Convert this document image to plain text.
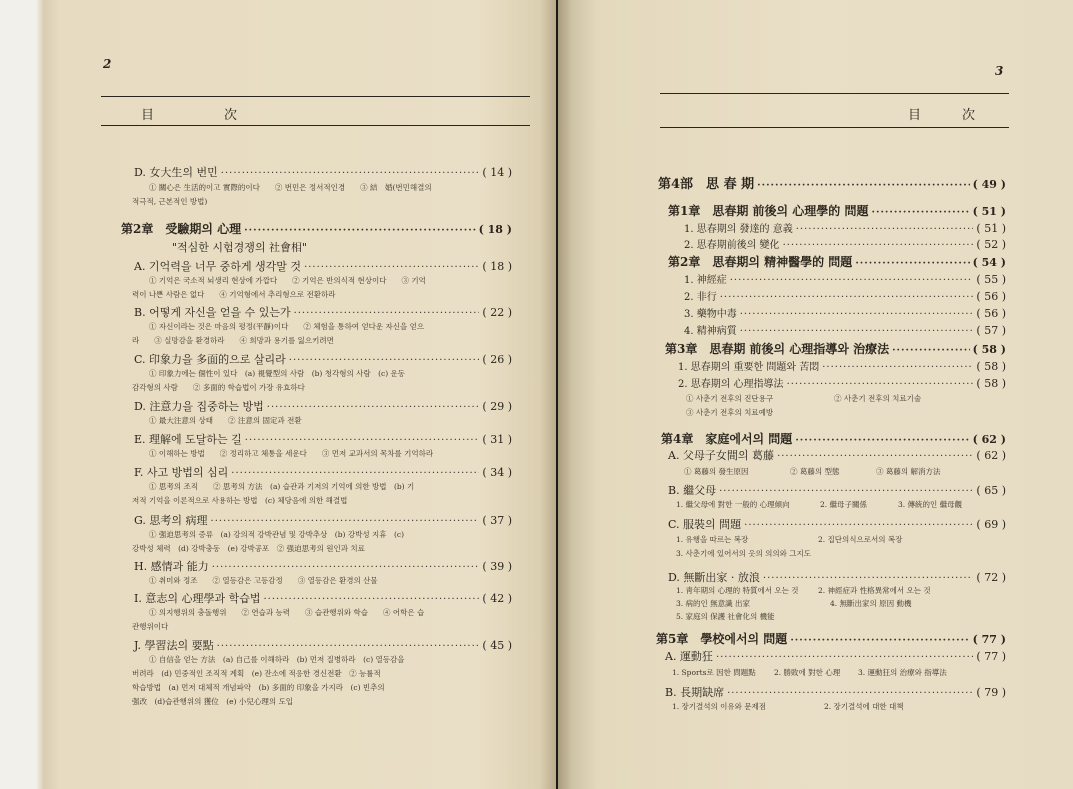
2
目	次
D. 女大生의 번민 ·····	( 14 )
① 關心은 生活的이고 實際的이다　　② 번민은 정서적인경　　③ 結　婚(번민해결의
적극적, 근본적인 방법)
第2章　受驗期의 心理 ·····	( 18 )
"적심한 시험경쟁의 社會相"
A. 기억력을 너무 중하게 생각말 것 ·····	( 18 )
① 기억은 국소적 뇌생리 현상에 가깝다　　② 기억은 반의식적 현상이다　　③ 기억
력이 나쁜 사람은 없다　　④ 기억형에서 추리형으로 전환하라
B. 어떻게 자신을 얻을 수 있는가 ·····	( 22 )
① 자신이라는 것은 마음의 평정(平靜)이다　　② 체험을 통하여 얻다운 자신을 얻으
라　　③ 실망감을 환경하라　　④ 희망과 용기를 잃으키려면
C. 印象力을 多面的으로 살리라 ·····	( 26 )
① 印象力에는 個性이 있다　(a) 視覺型의 사람　(b) 청각형의 사람　(c) 운동
감각형의 사람　　② 多面的 학습법이 가장 유효하다
D. 注意力을 집중하는 방법 ·····	( 29 )
① 最大注意의 상태　　② 注意의 固定과 전환
E. 理解에 도달하는 길 ·····	( 31 )
① 이해하는 방법　　② 정리하고 체통을 세운다　　③ 먼저 교과서의 목차를 기억하라
F. 사고 방법의 심리 ·····	( 34 )
① 思考의 조직　　② 思考의 方法　(a) 습관과 기저의 기억에 의한 방법　(b) 기
저적 기억을 이론적으로 사용하는 방법　(c) 체당음에 의한 해결법
G. 思考의 病理 ·····	( 37 )
① 强迫思考의 증류　(a) 강의적 강박관념 및 강박추상　(b) 강박성 지휴　(c)
강박성 체력　(d) 강박충동　(e) 강박공포　② 强迫思考의 원인과 치료
H. 感情과 能力 ·····	( 39 )
① 취미와 정조　　② 열등감은 고등감정　　③ 열등감은 환경의 산물
I. 意志의 心理學과 학습법 ·····	( 42 )
① 의지행위의 충돌행위　　② 연습과 능력　　③ 습관행위와 학습　　④ 어학은 습
관행위이다
J. 學習法의 要點 ·····	( 45 )
① 自信을 얻는 方法　(a) 自己를 이해하라　(b) 먼저 질병하라　(c) 열등감을
버려라　(d) 민중적인 조직적 계획　(e) 잔소에 적응한 경신전환　② 능률적
학습방법　(a) 먼저 대체적 개념파악　(b) 多面的 印象을 가지라　(c) 빈추의
强改　(d)습관행위의 獲位　(e) 小兒心理의 도입
3
目	次
第4部　思 春 期 ·····	( 49 )
第1章　思春期 前後의 心理學的 問題 ·····	( 51 )
1. 思春期의 發達的 意義 ·····	( 51 )
2. 思春期前後의 變化 ·····	( 52 )
第2章　思春期의 精神醫學的 問題 ·····	( 54 )
1. 神經症 ·····	( 55 )
2. 非行 ·····	( 56 )
3. 藥物中毒 ·····	( 56 )
4. 精神病質 ·····	( 57 )
第3章　思春期 前後의 心理指導와 治療法 ·····	( 58 )
1. 思春期의 重要한 問題와 苦悶 ·····	( 58 )
2. 思春期의 心理指導法 ·····	( 58 )
① 사춘기 전후의 진단용구	② 사춘기 전후의 치료기술
③ 사춘기 전후의 치료예방
第4章　家庭에서의 問題 ·····	( 62 )
A. 父母子女間의 葛藤 ·····	( 62 )
① 葛藤의 發生原因	② 葛藤의 型態	③ 葛藤의 解消方法
B. 繼父母 ·····	( 65 )
1. 繼父母에 對한 一般的 心理傾向	2. 繼母子關係	3. 傳統的인 繼母觀
C. 服裝의 問題 ·····	( 69 )
1. 유행을 따르는 복장	2. 집단의식으로서의 복장
3. 사춘기에 있어서의 옷의 의의와 그지도
D. 無斷出家 · 放浪 ·····	( 72 )
1. 靑年期의 心理的 特質에서 오는 것	2. 神經症과 性格異常에서 오는 것
3. 病的인 無意識 出家	4. 無斷出家의 原因 動機
5. 家庭의 保護 社會化의 機能
第5章　學校에서의 問題 ·····	( 77 )
A. 運動狂 ·····	( 77 )
1. Sports로 因한 問題點 2. 勝敗에 對한 心理 3. 運動狂의 治療와 指導法
B. 長期缺席 ·····	( 79 )
1. 장기결석의 이유와 문제점	2. 장기결석에 대한 대책
